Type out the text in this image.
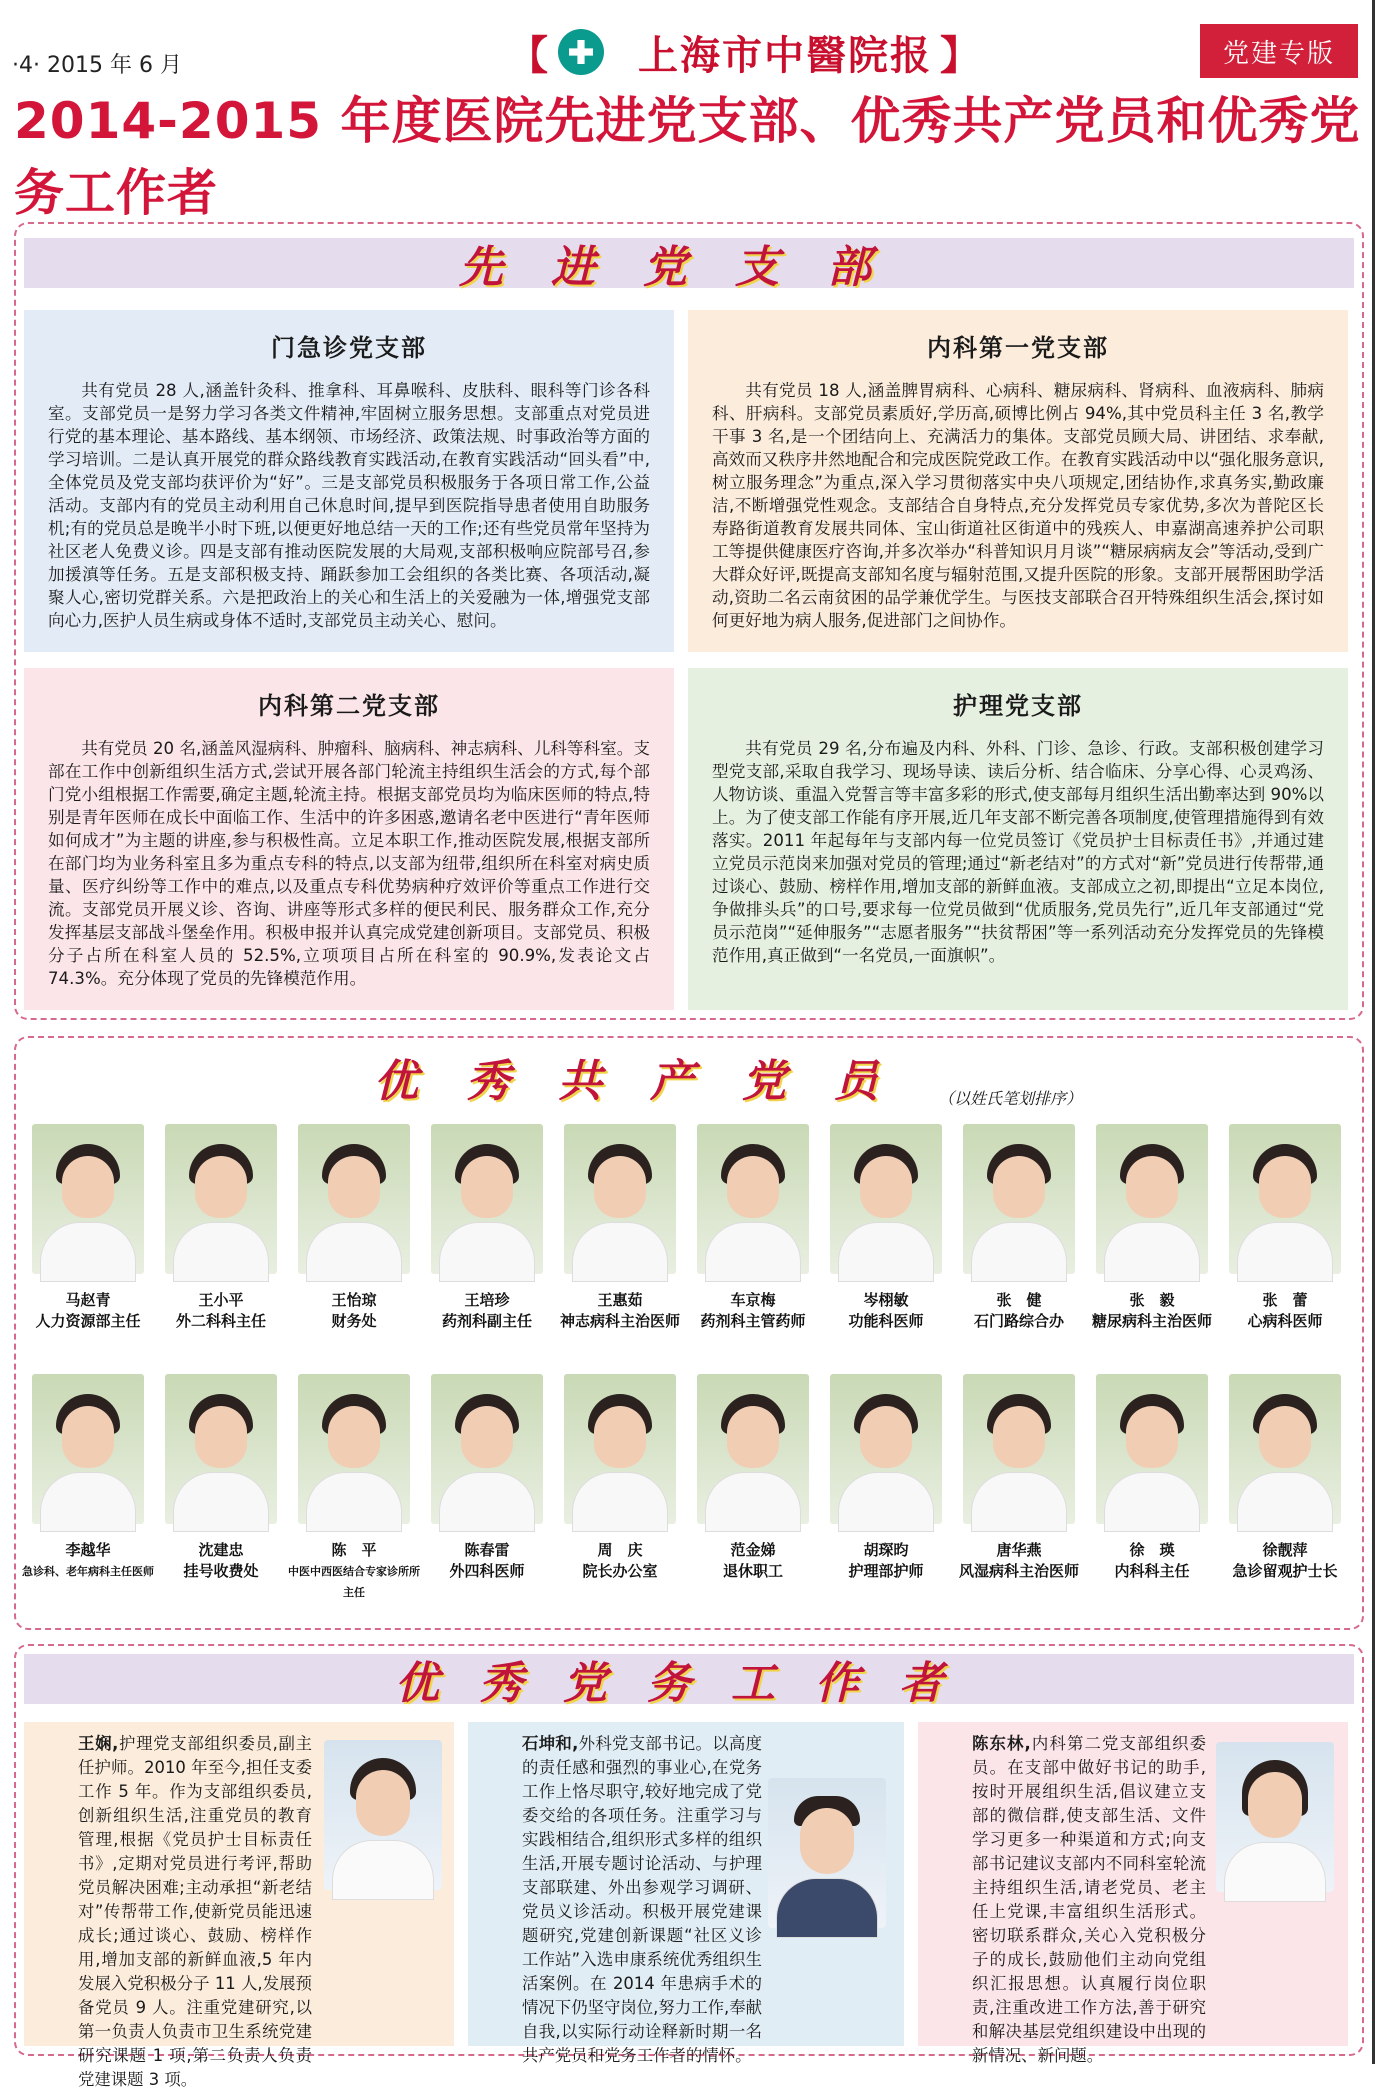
·4· 2015 年 6 月	【 上海市中醫院报 】	党建专版
2014-2015 年度医院先进党支部、优秀共产党员和优秀党务工作者
先进党支部
门急诊党支部

共有党员 28 人,涵盖针灸科、推拿科、耳鼻喉科、皮肤科、眼科等门诊各科室。支部党员一是努力学习各类文件精神,牢固树立服务思想。支部重点对党员进行党的基本理论、基本路线、基本纲领、市场经济、政策法规、时事政治等方面的学习培训。二是认真开展党的群众路线教育实践活动,在教育实践活动“回头看”中,全体党员及党支部均获评价为“好”。三是支部党员积极服务于各项日常工作,公益活动。支部内有的党员主动利用自己休息时间,提早到医院指导患者使用自助服务机;有的党员总是晚半小时下班,以便更好地总结一天的工作;还有些党员常年坚持为社区老人免费义诊。四是支部有推动医院发展的大局观,支部积极响应院部号召,参加援滇等任务。五是支部积极支持、踊跃参加工会组织的各类比赛、各项活动,凝聚人心,密切党群关系。六是把政治上的关心和生活上的关爱融为一体,增强党支部向心力,医护人员生病或身体不适时,支部党员主动关心、慰问。

内科第一党支部

共有党员 18 人,涵盖脾胃病科、心病科、糖尿病科、肾病科、血液病科、肺病科、肝病科。支部党员素质好,学历高,硕博比例占 94%,其中党员科主任 3 名,教学干事 3 名,是一个团结向上、充满活力的集体。支部党员顾大局、讲团结、求奉献,高效而又秩序井然地配合和完成医院党政工作。在教育实践活动中以“强化服务意识,树立服务理念”为重点,深入学习贯彻落实中央八项规定,团结协作,求真务实,勤政廉洁,不断增强党性观念。支部结合自身特点,充分发挥党员专家优势,多次为普陀区长寿路街道教育发展共同体、宝山街道社区街道中的残疾人、申嘉湖高速养护公司职工等提供健康医疗咨询,并多次举办“科普知识月月谈”“糖尿病病友会”等活动,受到广大群众好评,既提高支部知名度与辐射范围,又提升医院的形象。支部开展帮困助学活动,资助二名云南贫困的品学兼优学生。与医技支部联合召开特殊组织生活会,探讨如何更好地为病人服务,促进部门之间协作。

内科第二党支部

共有党员 20 名,涵盖风湿病科、肿瘤科、脑病科、神志病科、儿科等科室。支部在工作中创新组织生活方式,尝试开展各部门轮流主持组织生活会的方式,每个部门党小组根据工作需要,确定主题,轮流主持。根据支部党员均为临床医师的特点,特别是青年医师在成长中面临工作、生活中的许多困惑,邀请名老中医进行“青年医师如何成才”为主题的讲座,参与积极性高。立足本职工作,推动医院发展,根据支部所在部门均为业务科室且多为重点专科的特点,以支部为纽带,组织所在科室对病史质量、医疗纠纷等工作中的难点,以及重点专科优势病种疗效评价等重点工作进行交流。支部党员开展义诊、咨询、讲座等形式多样的便民利民、服务群众工作,充分发挥基层支部战斗堡垒作用。积极申报并认真完成党建创新项目。支部党员、积极分子占所在科室人员的 52.5%,立项项目占所在科室的 90.9%,发表论文占 74.3%。充分体现了党员的先锋模范作用。

护理党支部

共有党员 29 名,分布遍及内科、外科、门诊、急诊、行政。支部积极创建学习型党支部,采取自我学习、现场导读、读后分析、结合临床、分享心得、心灵鸡汤、人物访谈、重温入党誓言等丰富多彩的形式,使支部每月组织生活出勤率达到 90%以上。为了使支部工作能有序开展,近几年支部不断完善各项制度,使管理措施得到有效落实。2011 年起每年与支部内每一位党员签订《党员护士目标责任书》,并通过建立党员示范岗来加强对党员的管理;通过“新老结对”的方式对“新”党员进行传帮带,通过谈心、鼓励、榜样作用,增加支部的新鲜血液。支部成立之初,即提出“立足本岗位,争做排头兵”的口号,要求每一位党员做到“优质服务,党员先行”,近几年支部通过“党员示范岗”“延伸服务”“志愿者服务”“扶贫帮困”等一系列活动充分发挥党员的先锋模范作用,真正做到“一名党员,一面旗帜”。

优秀共产党员 （以姓氏笔划排序）
马赵青
人力资源部主任
王小平
外二科科主任
王怡琼
财务处
王培珍
药剂科副主任
王惠茹
神志病科主治医师
车京梅
药剂科主管药师
岑栩敏
功能科医师
张　健
石门路综合办
张　毅
糖尿病科主治医师
张　蕾
心病科医师
李越华
急诊科、老年病科主任医师
沈建忠
挂号收费处
陈　平
中医中西医结合专家诊所所主任
陈春雷
外四科医师
周　庆
院长办公室
范金娣
退休职工
胡琛昀
护理部护师
唐华燕
风湿病科主治医师
徐　瑛
内科科主任
徐靓萍
急诊留观护士长
优秀党务工作者

王娴,护理党支部组织委员,副主任护师。2010 年至今,担任支委工作 5 年。作为支部组织委员,创新组织生活,注重党员的教育管理,根据《党员护士目标责任书》,定期对党员进行考评,帮助党员解决困难;主动承担“新老结对”传帮带工作,使新党员能迅速成长;通过谈心、鼓励、榜样作用,增加支部的新鲜血液,5 年内发展入党积极分子 11 人,发展预备党员 9 人。注重党建研究,以第一负责人负责市卫生系统党建研究课题 1 项,第二负责人负责党建课题 3 项。

石坤和,外科党支部书记。以高度的责任感和强烈的事业心,在党务工作上恪尽职守,较好地完成了党委交给的各项任务。注重学习与实践相结合,组织形式多样的组织生活,开展专题讨论活动、与护理支部联建、外出参观学习调研、党员义诊活动。积极开展党建课题研究,党建创新课题“社区义诊工作站”入选申康系统优秀组织生活案例。在 2014 年患病手术的情况下仍坚守岗位,努力工作,奉献自我,以实际行动诠释新时期一名共产党员和党务工作者的情怀。

陈东林,内科第二党支部组织委员。在支部中做好书记的助手,按时开展组织生活,倡议建立支部的微信群,使支部生活、文件学习更多一种渠道和方式;向支部书记建议支部内不同科室轮流主持组织生活,请老党员、老主任上党课,丰富组织生活形式。密切联系群众,关心入党积极分子的成长,鼓励他们主动向党组织汇报思想。认真履行岗位职责,注重改进工作方法,善于研究和解决基层党组织建设中出现的新情况、新问题。
